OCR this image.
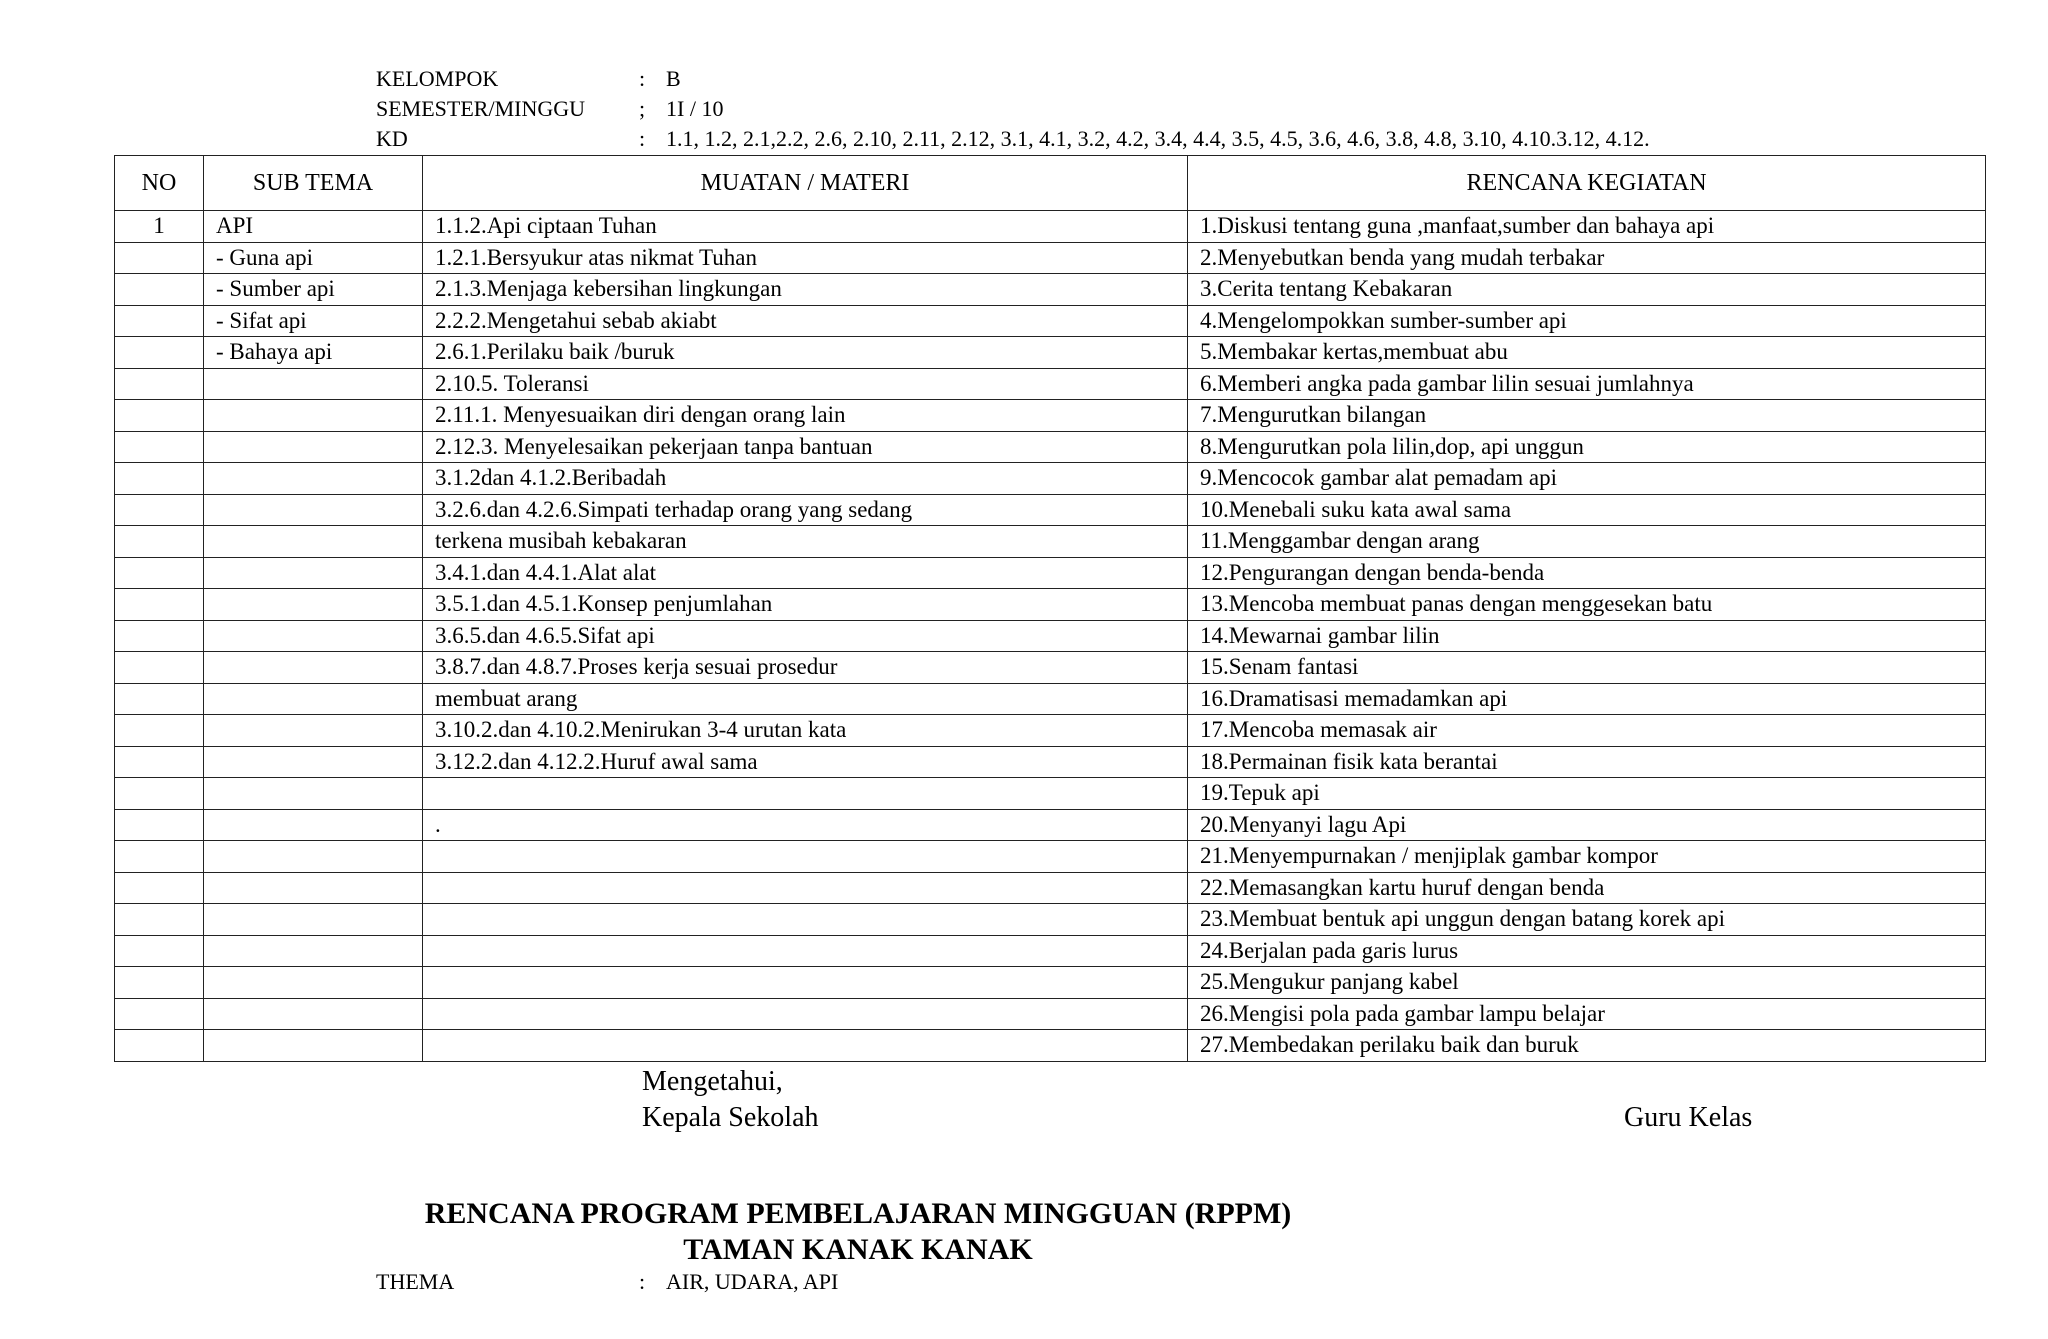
KELOMPOK	: B
SEMESTER/MINGGU ; 1I / 10
KD	: 1.1, 1.2, 2.1,2.2, 2.6, 2.10, 2.11, 2.12, 3.1, 4.1, 3.2, 4.2, 3.4, 4.4, 3.5, 4.5, 3.6, 4.6, 3.8, 4.8, 3.10, 4.10.3.12, 4.12.
NO	SUB TEMA	MUATAN / MATERI	RENCANA KEGIATAN
1	API	1.1.2.Api ciptaan Tuhan	1.Diskusi tentang guna ,manfaat,sumber dan bahaya api
	- Guna api	1.2.1.Bersyukur atas nikmat Tuhan	2.Menyebutkan benda yang mudah terbakar
	- Sumber api	2.1.3.Menjaga kebersihan lingkungan	3.Cerita tentang Kebakaran
	- Sifat api	2.2.2.Mengetahui sebab akiabt	4.Mengelompokkan sumber-sumber api
	- Bahaya api	2.6.1.Perilaku baik /buruk	5.Membakar kertas,membuat abu
		2.10.5. Toleransi	6.Memberi angka pada gambar lilin sesuai jumlahnya
		2.11.1. Menyesuaikan diri dengan orang lain	7.Mengurutkan bilangan
		2.12.3. Menyelesaikan pekerjaan tanpa bantuan	8.Mengurutkan pola lilin,dop, api unggun
		3.1.2dan 4.1.2.Beribadah	9.Mencocok gambar alat pemadam api
		3.2.6.dan 4.2.6.Simpati terhadap orang yang sedang	10.Menebali suku kata awal sama
		terkena musibah kebakaran	11.Menggambar dengan arang
		3.4.1.dan 4.4.1.Alat alat	12.Pengurangan dengan benda-benda
		3.5.1.dan 4.5.1.Konsep penjumlahan	13.Mencoba membuat panas dengan menggesekan batu
		3.6.5.dan 4.6.5.Sifat api	14.Mewarnai gambar lilin
		3.8.7.dan 4.8.7.Proses kerja sesuai prosedur	15.Senam fantasi
		membuat arang	16.Dramatisasi memadamkan api
		3.10.2.dan 4.10.2.Menirukan 3-4 urutan kata	17.Mencoba memasak air
		3.12.2.dan 4.12.2.Huruf awal sama	18.Permainan fisik kata berantai
			19.Tepuk api
		.	20.Menyanyi lagu Api
			21.Menyempurnakan / menjiplak gambar kompor
			22.Memasangkan kartu huruf dengan benda
			23.Membuat bentuk api unggun dengan batang korek api
			24.Berjalan pada garis lurus
			25.Mengukur panjang kabel
			26.Mengisi pola pada gambar lampu belajar
			27.Membedakan perilaku baik dan buruk
Mengetahui,
Kepala Sekolah	Guru Kelas
RENCANA PROGRAM PEMBELAJARAN MINGGUAN (RPPM)
TAMAN KANAK KANAK
THEMA	: AIR, UDARA, API
